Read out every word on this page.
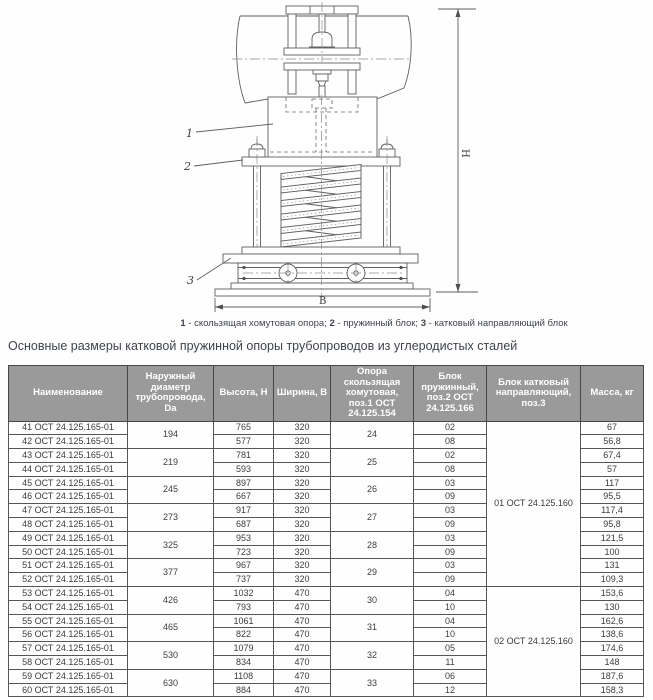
B
H
1
2
3
1 - скользящая хомутовая опора; 2 - пружинный блок; 3 - катковый направляющий блок
Основные размеры катковой пружинной опоры трубопроводов из углеродистых сталей
Наименование	Наружный диаметр трубопровода, Da	Высота, H	Ширина, B	Опора скользящая хомутовая, поз.1 ОСТ 24.125.154	Блок пружинный, поз.2 ОСТ 24.125.166	Блок катковый направляющий, поз.3	Масса, кг
41 ОСТ 24.125.165-01	194	765	320	24	02	01 ОСТ 24.125.160	67
42 ОСТ 24.125.165-01		577	320		08		56,8
43 ОСТ 24.125.165-01	219	781	320	25	02		67,4
44 ОСТ 24.125.165-01		593	320		08		57
45 ОСТ 24.125.165-01	245	897	320	26	03		117
46 ОСТ 24.125.165-01		667	320		09		95,5
47 ОСТ 24.125.165-01	273	917	320	27	03		117,4
48 ОСТ 24.125.165-01		687	320		09		95,8
49 ОСТ 24.125.165-01	325	953	320	28	03		121,5
50 ОСТ 24.125.165-01		723	320		09		100
51 ОСТ 24.125.165-01	377	967	320	29	03		131
52 ОСТ 24.125.165-01		737	320		09		109,3
53 ОСТ 24.125.165-01	426	1032	470	30	04	02 ОСТ 24.125.160	153,6
54 ОСТ 24.125.165-01		793	470		10		130
55 ОСТ 24.125.165-01	465	1061	470	31	04		162,6
56 ОСТ 24.125.165-01		822	470		10		138,6
57 ОСТ 24.125.165-01	530	1079	470	32	05		174,6
58 ОСТ 24.125.165-01		834	470		11		148
59 ОСТ 24.125.165-01	630	1108	470	33	06		187,6
60 ОСТ 24.125.165-01		884	470		12		158,3
